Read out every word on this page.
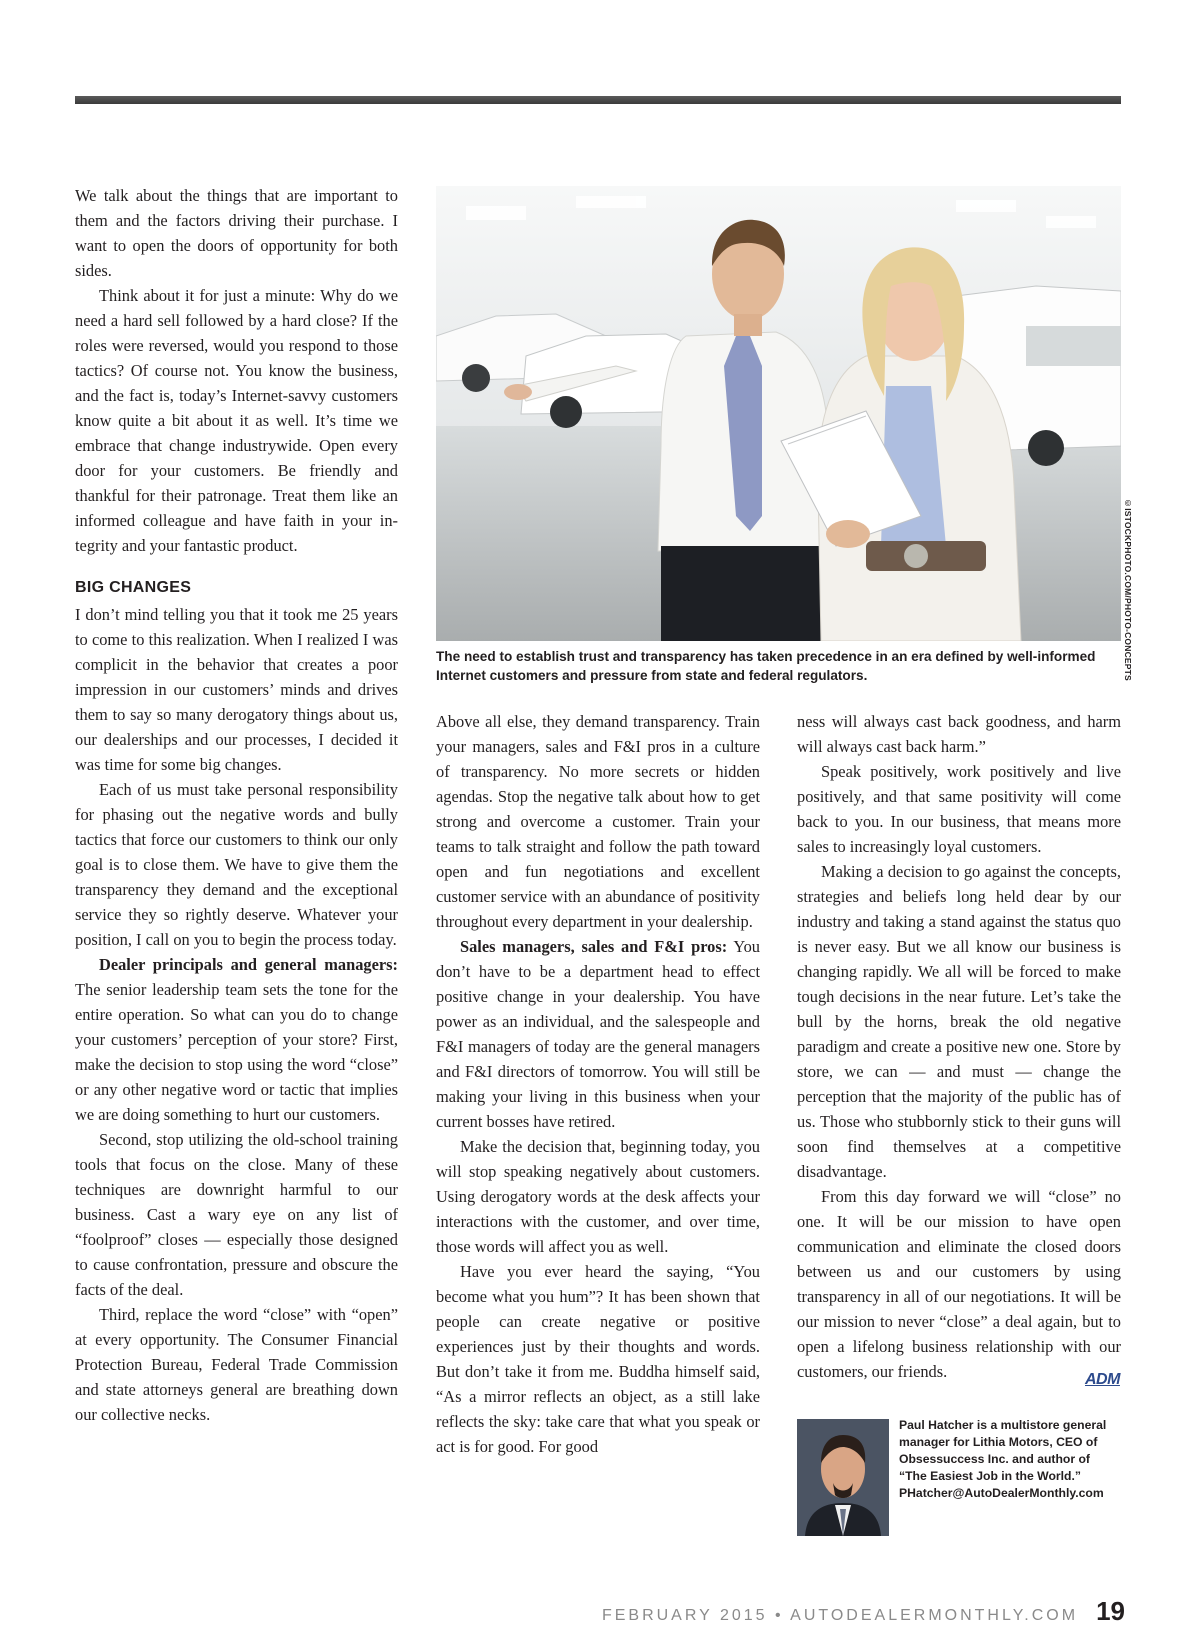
We talk about the things that are important to them and the factors driving their purchase. I want to open the doors of opportunity for both sides.

Think about it for just a minute: Why do we need a hard sell followed by a hard close? If the roles were reversed, would you respond to those tactics? Of course not. You know the business, and the fact is, today’s Internet-savvy customers know quite a bit about it as well. It’s time we embrace that change industrywide. Open every door for your customers. Be friendly and thankful for their patronage. Treat them like an informed colleague and have faith in your integrity and your fantastic product.

BIG CHANGES

I don’t mind telling you that it took me 25 years to come to this realization. When I realized I was complicit in the behavior that creates a poor impression in our customers’ minds and drives them to say so many derogatory things about us, our dealerships and our processes, I decided it was time for some big changes.

Each of us must take personal responsibility for phasing out the negative words and bully tactics that force our customers to think our only goal is to close them. We have to give them the transparency they demand and the exceptional service they so rightly deserve. Whatever your position, I call on you to begin the process today.

Dealer principals and general managers: The senior leadership team sets the tone for the entire operation. So what can you do to change your customers’ perception of your store? First, make the decision to stop using the word “close” or any other negative word or tactic that implies we are doing something to hurt our customers.

Second, stop utilizing the old-school training tools that focus on the close. Many of these techniques are downright harmful to our business. Cast a wary eye on any list of “foolproof” closes — especially those designed to cause confrontation, pressure and obscure the facts of the deal.

Third, replace the word “close” with “open” at every opportunity. The Consumer Financial Protection Bureau, Federal Trade Commission and state attorneys general are breathing down our collective necks.

©ISTOCKPHOTO.COM/PHOTO-CONCEPTS
The need to establish trust and transparency has taken precedence in an era defined by well-informed Internet customers and pressure from state and federal regulators.

Above all else, they demand transparency. Train your managers, sales and F&I pros in a culture of transparency. No more secrets or hidden agendas. Stop the negative talk about how to get strong and overcome a customer. Train your teams to talk straight and follow the path toward open and fun negotiations and excellent customer service with an abundance of positivity throughout every department in your dealership.

Sales managers, sales and F&I pros: You don’t have to be a department head to effect positive change in your dealership. You have power as an individual, and the salespeople and F&I managers of today are the general managers and F&I directors of tomorrow. You will still be making your living in this business when your current bosses have retired.

Make the decision that, beginning today, you will stop speaking negatively about customers. Using derogatory words at the desk affects your interactions with the customer, and over time, those words will affect you as well.

Have you ever heard the saying, “You become what you hum”? It has been shown that people can create negative or positive experiences just by their thoughts and words. But don’t take it from me. Buddha himself said, “As a mirror reflects an object, as a still lake reflects the sky: take care that what you speak or act is for good. For good

ness will always cast back goodness, and harm will always cast back harm.”

Speak positively, work positively and live positively, and that same positivity will come back to you. In our business, that means more sales to increasingly loyal customers.

Making a decision to go against the concepts, strategies and beliefs long held dear by our industry and taking a stand against the status quo is never easy. But we all know our business is changing rapidly. We all will be forced to make tough decisions in the near future. Let’s take the bull by the horns, break the old negative paradigm and create a positive new one. Store by store, we can — and must — change the perception that the majority of the public has of us. Those who stubbornly stick to their guns will soon find themselves at a competitive disadvantage.

From this day forward we will “close” no one. It will be our mission to have open communication and eliminate the closed doors between us and our customers by using transparency in all of our negotiations. It will be our mission to never “close” a deal again, but to open a lifelong business relationship with our customers, our friends.	ADM
Paul Hatcher is a multistore general manager for Lithia Motors, CEO of Obsessuccess Inc. and author of “The Easiest Job in the World.” PHatcher@AutoDealerMonthly.com
FEBRUARY 2015 • AUTODEALERMONTHLY.COM 19
